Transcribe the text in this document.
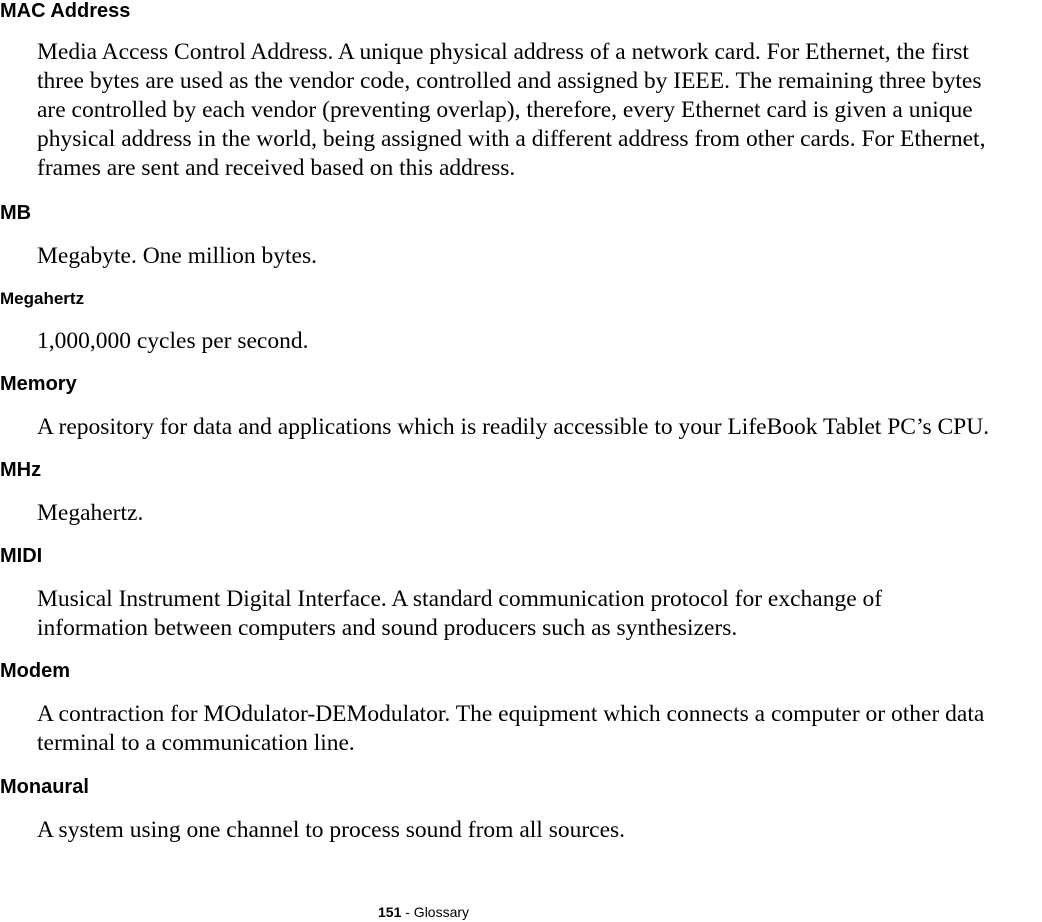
MAC Address
Media Access Control Address. A unique physical address of a network card. For Ethernet, the first
three bytes are used as the vendor code, controlled and assigned by IEEE. The remaining three bytes
are controlled by each vendor (preventing overlap), therefore, every Ethernet card is given a unique
physical address in the world, being assigned with a different address from other cards. For Ethernet,
frames are sent and received based on this address.
MB
Megabyte. One million bytes.
Megahertz
1,000,000 cycles per second.
Memory
A repository for data and applications which is readily accessible to your LifeBook Tablet PC’s CPU.
MHz
Megahertz.
MIDI
Musical Instrument Digital Interface. A standard communication protocol for exchange of
information between computers and sound producers such as synthesizers.
Modem
A contraction for MOdulator-DEModulator. The equipment which connects a computer or other data
terminal to a communication line.
Monaural
A system using one channel to process sound from all sources.
151 - Glossary
